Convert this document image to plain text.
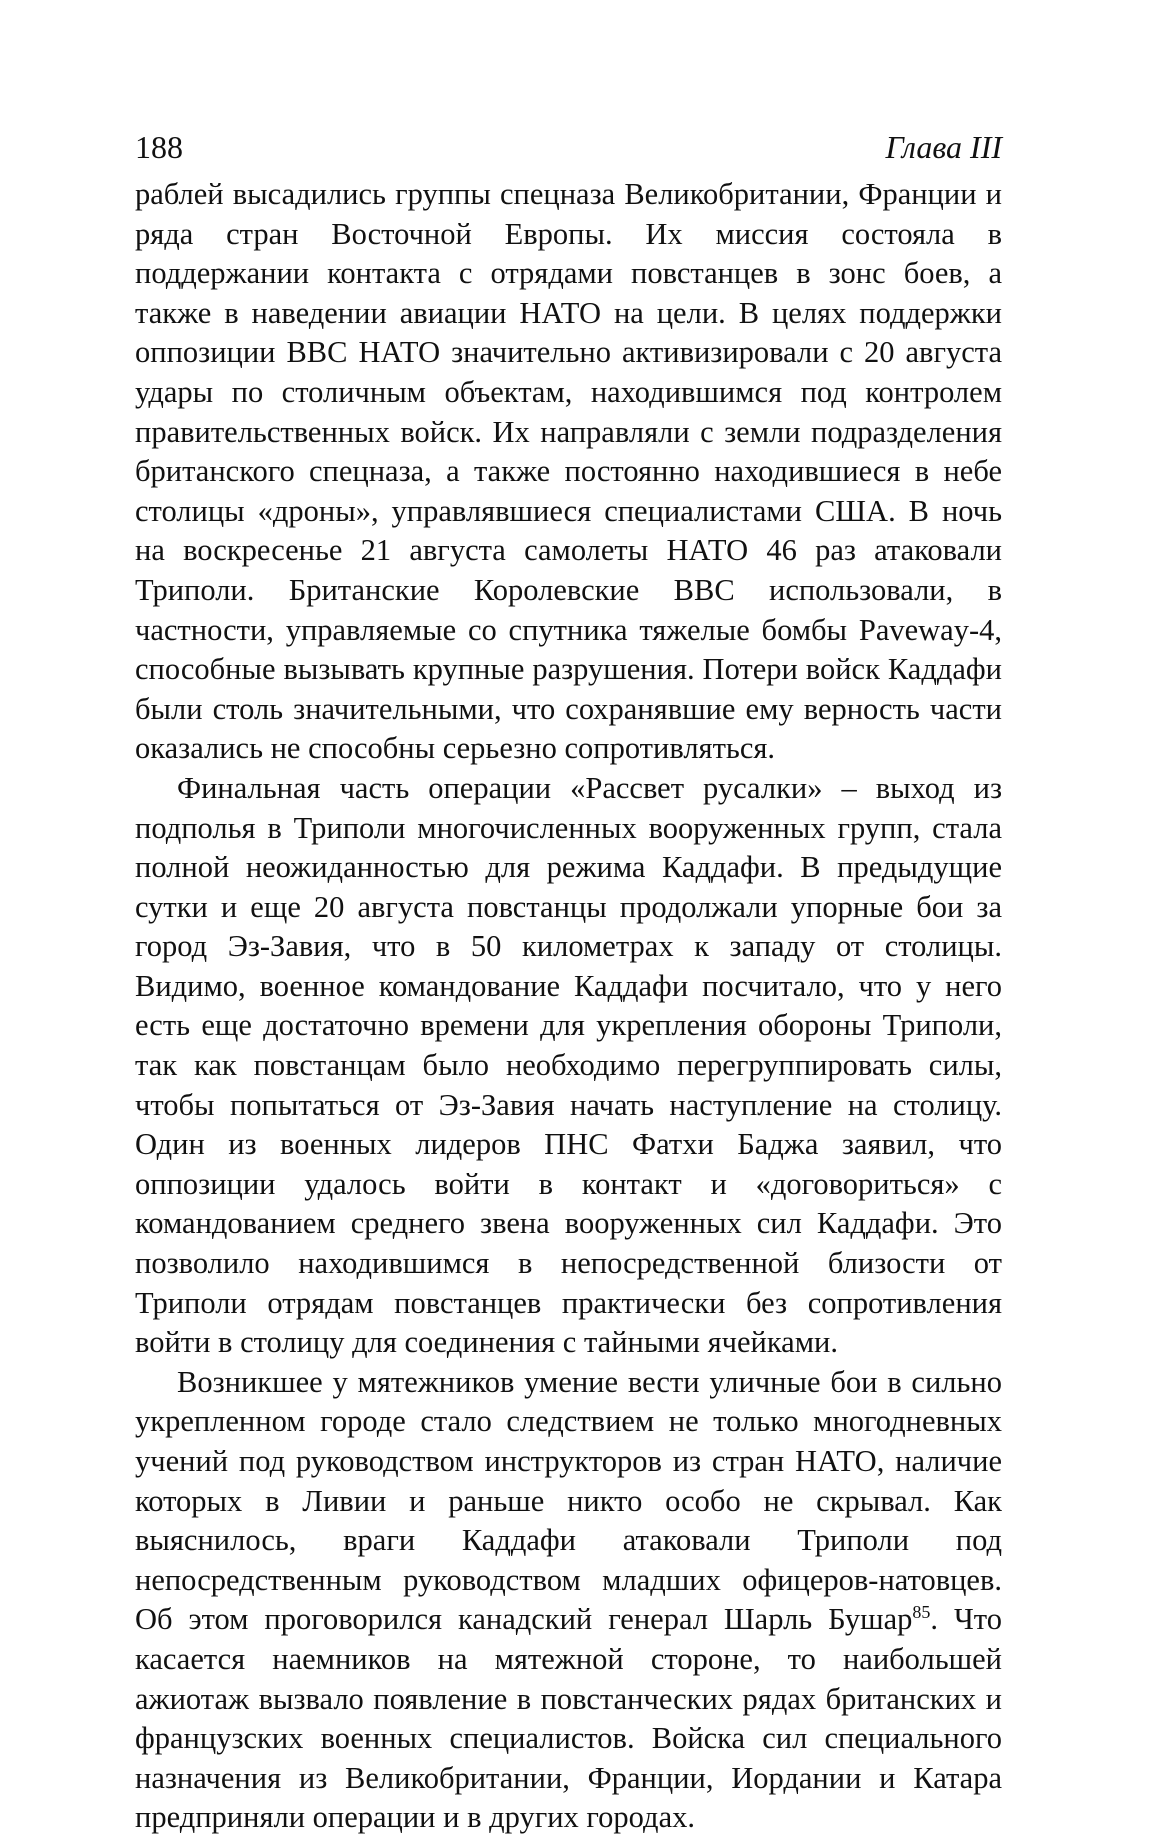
188	Глава III

раблей высадились группы спецназа Великобритании, Франции и ряда стран Восточной Европы. Их миссия состояла в поддержании контакта с отрядами повстанцев в зонс боев, а также в наведении авиации НАТО на цели. В целях поддержки оппозиции ВВС НАТО значительно активизировали с 20 августа удары по столичным объектам, находившимся под контролем правительственных войск. Их направляли с земли подразделения британского спецназа, а также постоянно находившиеся в небе столицы «дроны», управлявшиеся специалистами США. В ночь на воскресенье 21 августа самолеты НАТО 46 раз атаковали Триполи. Британские Королевские ВВС использовали, в частности, управляемые со спутника тяжелые бомбы Paveway-4, способные вызывать крупные разрушения. Потери войск Каддафи были столь значительными, что сохранявшие ему верность части оказались не способны серьезно сопротивляться.

Финальная часть операции «Рассвет русалки» – выход из подполья в Триполи многочисленных вооруженных групп, стала полной неожиданностью для режима Каддафи. В предыдущие сутки и еще 20 августа повстанцы продолжали упорные бои за город Эз-Завия, что в 50 километрах к западу от столицы. Видимо, военное командование Каддафи посчитало, что у него есть еще достаточно времени для укрепления обороны Триполи, так как повстанцам было необходимо перегруппировать силы, чтобы попытаться от Эз-Завия начать наступление на столицу. Один из военных лидеров ПНС Фатхи Баджа заявил, что оппозиции удалось войти в контакт и «договориться» с командованием среднего звена вооруженных сил Каддафи. Это позволило находившимся в непосредственной близости от Триполи отрядам повстанцев практически без сопротивления войти в столицу для соединения с тайными ячейками.

Возникшее у мятежников умение вести уличные бои в сильно укрепленном городе стало следствием не только многодневных учений под руководством инструкторов из стран НАТО, наличие которых в Ливии и раньше никто особо не скрывал. Как выяснилось, враги Каддафи атаковали Триполи под непосредственным руководством младших офицеров-натовцев. Об этом проговорился канадский генерал Шарль Бушар$^{85}$. Что касается наемников на мятежной стороне, то наибольшей ажиотаж вызвало появление в повстанческих рядах британских и французских военных специалистов. Войска сил специального назначения из Великобритании, Франции, Иордании и Катара предприняли операции и в других городах.
